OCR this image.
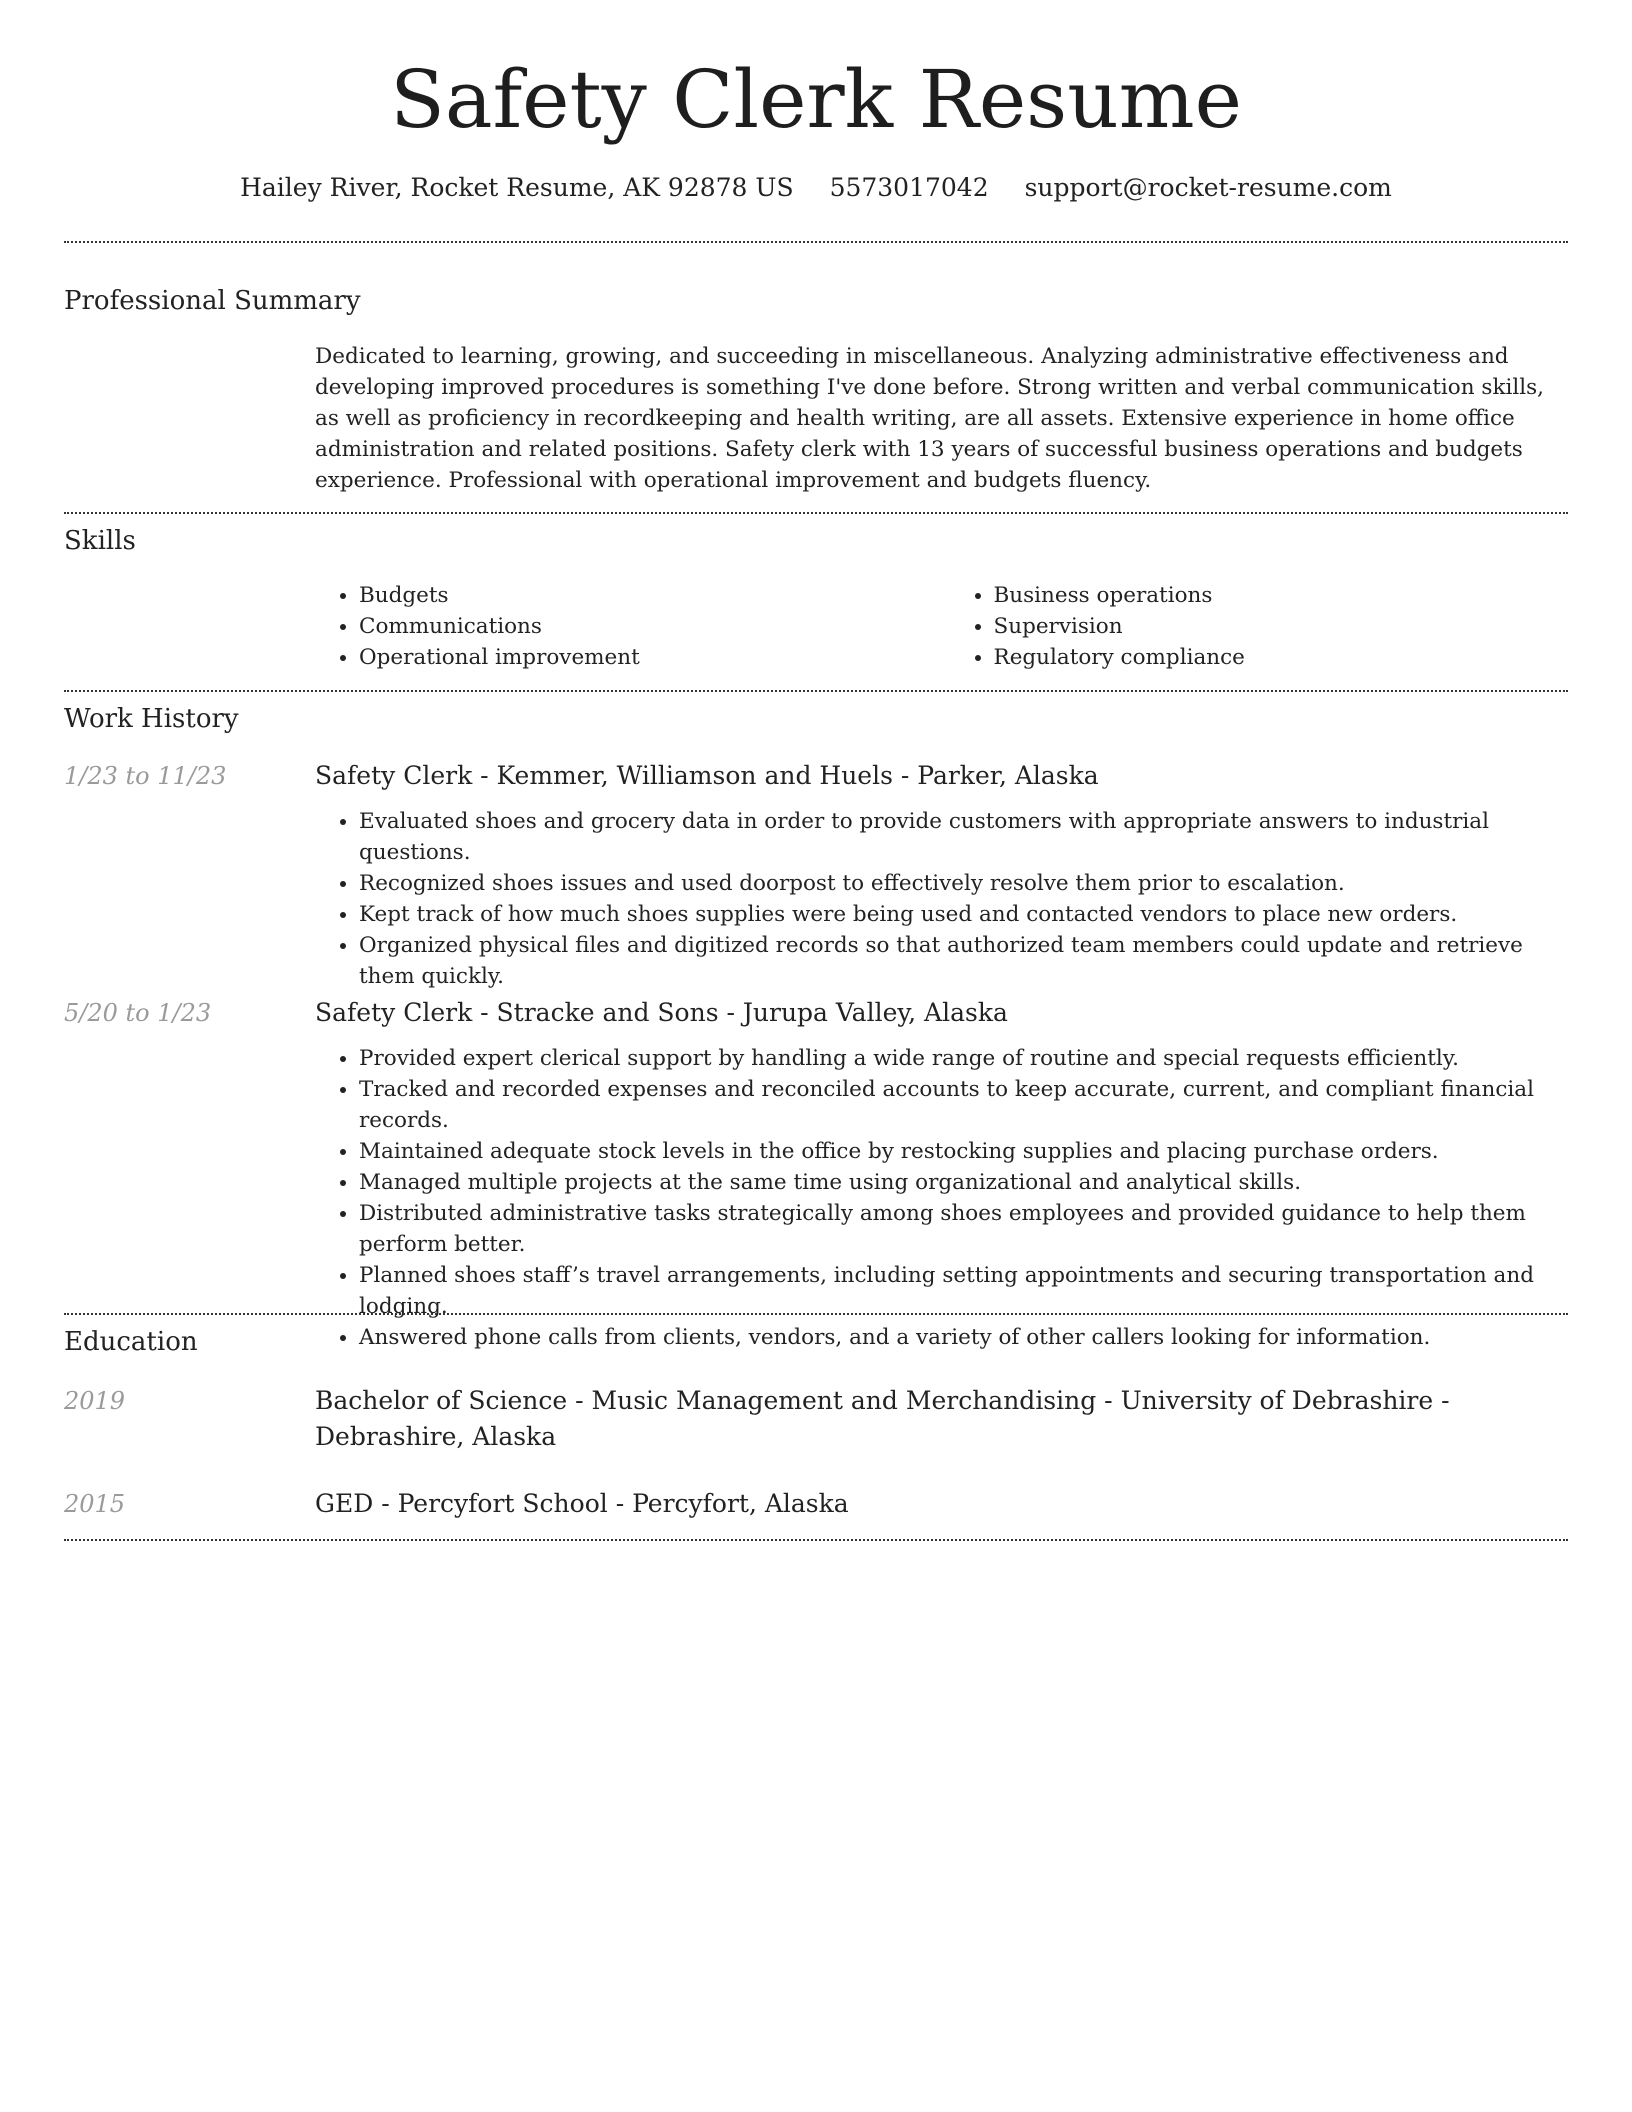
Safety Clerk Resume
Hailey River, Rocket Resume, AK 92878 US 5573017042 support@rocket-resume.com
Professional Summary
Dedicated to learning, growing, and succeeding in miscellaneous. Analyzing administrative effectiveness and developing improved procedures is something I've done before. Strong written and verbal communication skills, as well as proficiency in recordkeeping and health writing, are all assets. Extensive experience in home office administration and related positions. Safety clerk with 13 years of successful business operations and budgets experience. Professional with operational improvement and budgets fluency.
Skills
• Budgets
• Communications
• Operational improvement
• Business operations
• Supervision
• Regulatory compliance
Work History
1/23 to 11/23	Safety Clerk - Kemmer, Williamson and Huels - Parker, Alaska
• Evaluated shoes and grocery data in order to provide customers with appropriate answers to industrial questions.
• Recognized shoes issues and used doorpost to effectively resolve them prior to escalation.
• Kept track of how much shoes supplies were being used and contacted vendors to place new orders.
• Organized physical files and digitized records so that authorized team members could update and retrieve them quickly.
5/20 to 1/23	Safety Clerk - Stracke and Sons - Jurupa Valley, Alaska
• Provided expert clerical support by handling a wide range of routine and special requests efficiently.
• Tracked and recorded expenses and reconciled accounts to keep accurate, current, and compliant financial records.
• Maintained adequate stock levels in the office by restocking supplies and placing purchase orders.
• Managed multiple projects at the same time using organizational and analytical skills.
• Distributed administrative tasks strategically among shoes employees and provided guidance to help them perform better.
• Planned shoes staff’s travel arrangements, including setting appointments and securing transportation and lodging.
• Answered phone calls from clients, vendors, and a variety of other callers looking for information.
Education
2019	Bachelor of Science - Music Management and Merchandising - University of Debrashire - Debrashire, Alaska
2015	GED - Percyfort School - Percyfort, Alaska
